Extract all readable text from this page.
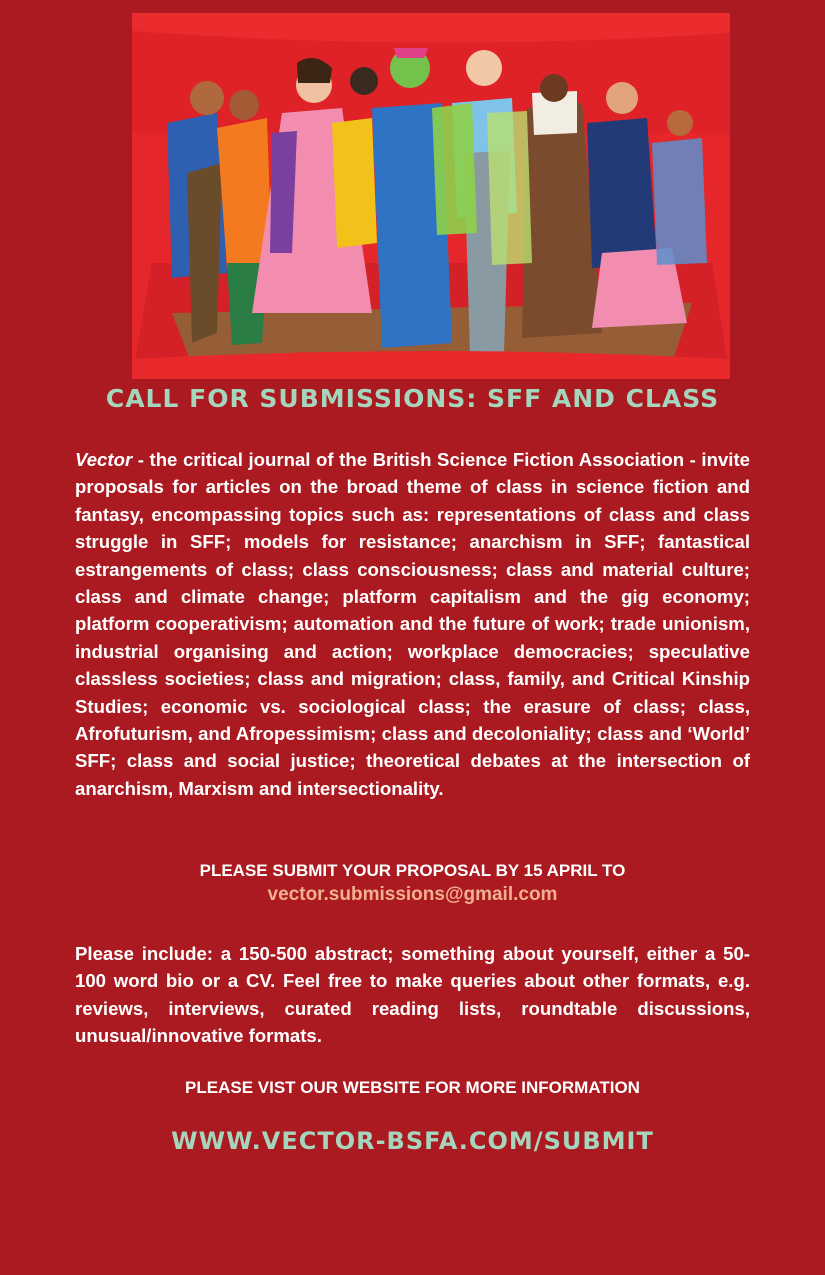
CALL FOR SUBMISSIONS: SFF AND CLASS
Vector - the critical journal of the British Science Fiction Association - invite proposals for articles on the broad theme of class in science fiction and fantasy, encompassing topics such as: representations of class and class struggle in SFF; models for resistance; anarchism in SFF; fantastical estrangements of class; class consciousness; class and material culture; class and climate change; platform capitalism and the gig economy; platform cooperativism; automation and the future of work; trade unionism, industrial organising and action; workplace democracies; speculative classless societies; class and migration; class, family, and Critical Kinship Studies; economic vs. sociological class; the erasure of class; class, Afrofuturism, and Afropessimism; class and decoloniality; class and ‘World’ SFF; class and social justice; theoretical debates at the intersection of anarchism, Marxism and intersectionality.
PLEASE SUBMIT YOUR PROPOSAL BY 15 APRIL TO
vector.submissions@gmail.com
Please include: a 150-500 abstract; something about yourself, either a 50-100 word bio or a CV. Feel free to make queries about other formats, e.g. reviews, interviews, curated reading lists, roundtable discussions, unusual/innovative formats.
PLEASE VIST OUR WEBSITE FOR MORE INFORMATION
WWW.VECTOR-BSFA.COM/SUBMIT
